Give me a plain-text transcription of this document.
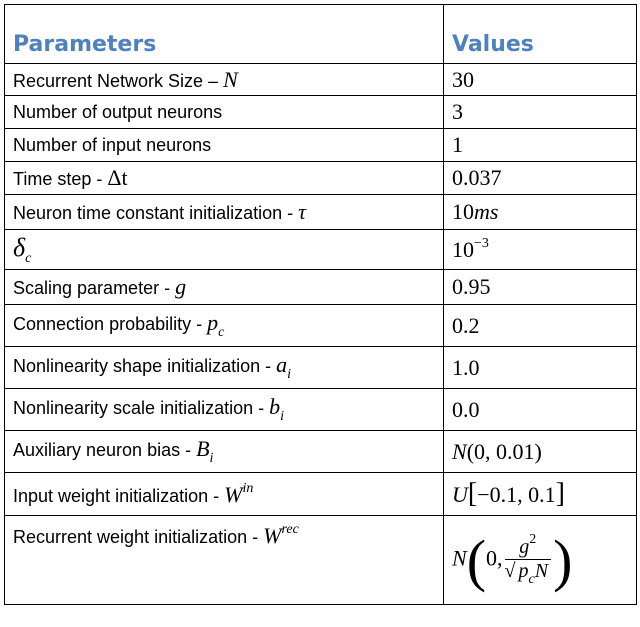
Parameters	Values
Recurrent Network Size – N	30
Number of output neurons	3
Number of input neurons	1
Time step - Δt	0.037
Neuron time constant initialization - τ	10ms
δc	$10^{-3}$
Scaling parameter - g	0.95
Connection probability - pc	0.2
Nonlinearity shape initialization - ai	1.0
Nonlinearity scale initialization - bi	0.0
Auxiliary neuron bias - Bi	N(0, 0.01)
Input weight initialization - Win	U[−0.1, 0.1]
Recurrent weight initialization - Wrec	N(0, $\frac{g^2}{√ p_cN}$ )
